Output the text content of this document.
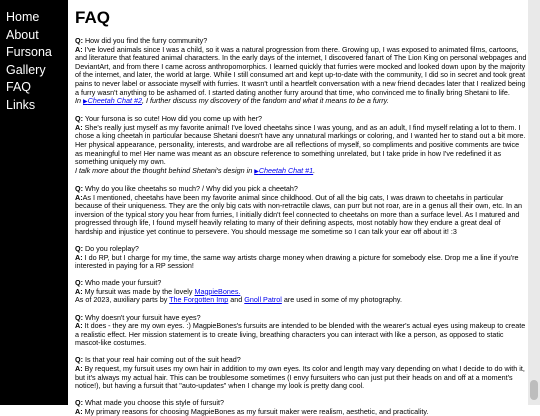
Home
About
Fursona
Gallery
FAQ
Links
FAQ

Q: How did you find the furry community?

A: I've loved animals since I was a child, so it was a natural progression from there. Growing up, I was exposed to animated films, cartoons, and literature that featured animal characters. In the early days of the internet, I discovered fanart of The Lion King on personal webpages and DeviantArt, and from there I came across anthropomorphics. I learned quickly that furries were mocked and looked down upon by the majority of the internet, and later, the world at large. While I still consumed art and kept up-to-date with the community, I did so in secret and took great pains to never label or associate myself with furries. It wasn't until a heartfelt conversation with a new friend decades later that I realized being a furry wasn't anything to be ashamed of. I started dating another furry around that time, who convinced me to finally bring Shetani to life.

In ▶Cheetah Chat #2, I further discuss my discovery of the fandom and what it means to be a furry.

Q: Your fursona is so cute! How did you come up with her?

A: She's really just myself as my favorite animal! I've loved cheetahs since I was young, and as an adult, I find myself relating a lot to them. I chose a king cheetah in particular because Shetani doesn't have any unnatural markings or coloring, and I wanted her to stand out a bit more. Her physical appearance, personality, interests, and wardrobe are all reflections of myself, so compliments and positive comments are twice as meaningful to me! Her name was meant as an obscure reference to something unrelated, but I take pride in how I've redefined it as something uniquely my own.

I talk more about the thought behind Shetani's design in ▶Cheetah Chat #1.

Q: Why do you like cheetahs so much? / Why did you pick a cheetah?

A:As I mentioned, cheetahs have been my favorite animal since childhood. Out of all the big cats, I was drawn to cheetahs in particular because of their uniqueness. They are the only big cats with non-retractile claws, can purr but not roar, are in a genus all their own, etc. In an inversion of the typical story you hear from furries, I initially didn't feel connected to cheetahs on more than a surface level. As I matured and progressed through life, I found myself heavily relating to many of their defining aspects, most notably how they endure a great deal of hardship and injustice yet continue to persevere. You should message me sometime so I can talk your ear off about it! :3

Q: Do you roleplay?

A: I do RP, but I charge for my time, the same way artists charge money when drawing a picture for somebody else. Drop me a line if you're interested in paying for a RP session!

Q: Who made your fursuit?

A: My fursuit was made by the lovely MagpieBones.

As of 2023, auxiliary parts by The Forgotten Imp and Gnoll Patrol are used in some of my photography.

Q: Why doesn't your fursuit have eyes?

A: It does - they are my own eyes. :) MagpieBones's fursuits are intended to be blended with the wearer's actual eyes using makeup to create a realistic effect. Her mission statement is to create living, breathing characters you can interact with like a person, as opposed to static mascot-like costumes.

Q: Is that your real hair coming out of the suit head?

A: By request, my fursuit uses my own hair in addition to my own eyes. Its color and length may vary depending on what I decide to do with it, but it's always my actual hair. This can be troublesome sometimes (I envy fursuiters who can just put their heads on and off at a moment's notice!), but having a fursuit that "auto-updates" when I change my look is pretty dang cool.

Q: What made you choose this style of fursuit?

A: My primary reasons for choosing MagpieBones as my fursuit maker were realism, aesthetic, and practicality.
